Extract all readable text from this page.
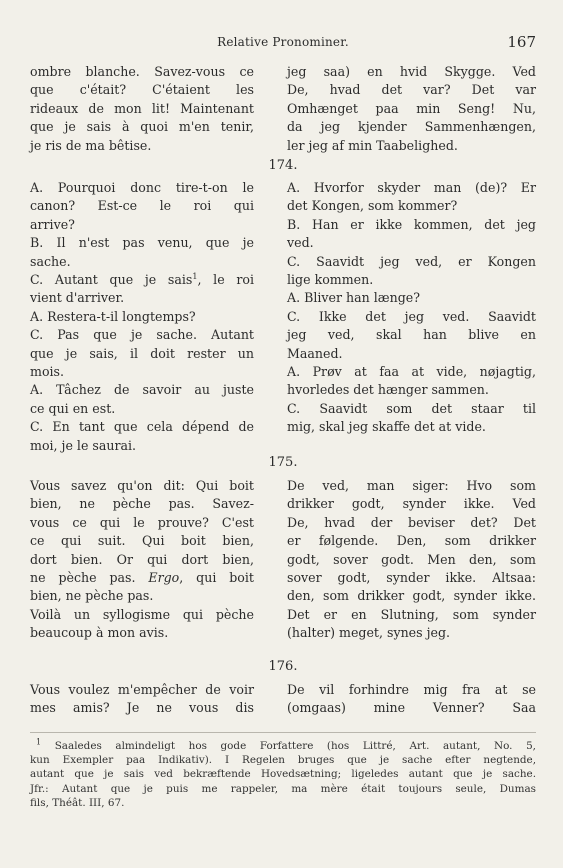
Relative Pronominer.	167
ombre blanche. Savez-vous ce
que c'était? C'étaient les
rideaux de mon lit! Maintenant
que je sais à quoi m'en tenir,
je ris de ma bêtise.
jeg saa) en hvid Skygge. Ved
De, hvad det var? Det var
Omhænget paa min Seng! Nu,
da jeg kjender Sammenhængen,
ler jeg af min Taabelighed.
174.
A. Pourquoi donc tire-t-on le
canon? Est-ce le roi qui
arrive?
B. Il n'est pas venu, que je
sache.
C. Autant que je sais$^1$, le roi
vient d'arriver.
A. Restera-t-il longtemps?
C. Pas que je sache. Autant
que je sais, il doit rester un
mois.
A. Tâchez de savoir au juste
ce qui en est.
C. En tant que cela dépend de
moi, je le saurai.
A. Hvorfor skyder man (de)? Er
det Kongen, som kommer?
B. Han er ikke kommen, det jeg
ved.
C. Saavidt jeg ved, er Kongen
lige kommen.
A. Bliver han længe?
C. Ikke det jeg ved. Saavidt
jeg ved, skal han blive en
Maaned.
A. Prøv at faa at vide, nøjagtig,
hvorledes det hænger sammen.
C. Saavidt som det staar til
mig, skal jeg skaffe det at vide.
175.
Vous savez qu'on dit: Qui boit
bien, ne pèche pas. Savez-
vous ce qui le prouve? C'est
ce qui suit. Qui boit bien,
dort bien. Or qui dort bien,
ne pèche pas. Ergo, qui boit
bien, ne pèche pas.
Voilà un syllogisme qui pèche
beaucoup à mon avis.
De ved, man siger: Hvo som
drikker godt, synder ikke. Ved
De, hvad der beviser det? Det
er følgende. Den, som drikker
godt, sover godt. Men den, som
sover godt, synder ikke. Altsaa:
den, som drikker godt, synder ikke.
Det er en Slutning, som synder
(halter) meget, synes jeg.
176.
Vous voulez m'empêcher de voir
mes amis? Je ne vous dis
De vil forhindre mig fra at se
(omgaas) mine Venner? Saa
$^1$ Saaledes almindeligt hos gode Forfattere (hos Littré, Art. autant, No. 5,
kun Exempler paa Indikativ). I Regelen bruges que je sache efter negtende,
autant que je sais ved bekræftende Hovedsætning; ligeledes autant que je sache.
Jfr.: Autant que je puis me rappeler, ma mère était toujours seule, Dumas
fils, Théât. III, 67.
